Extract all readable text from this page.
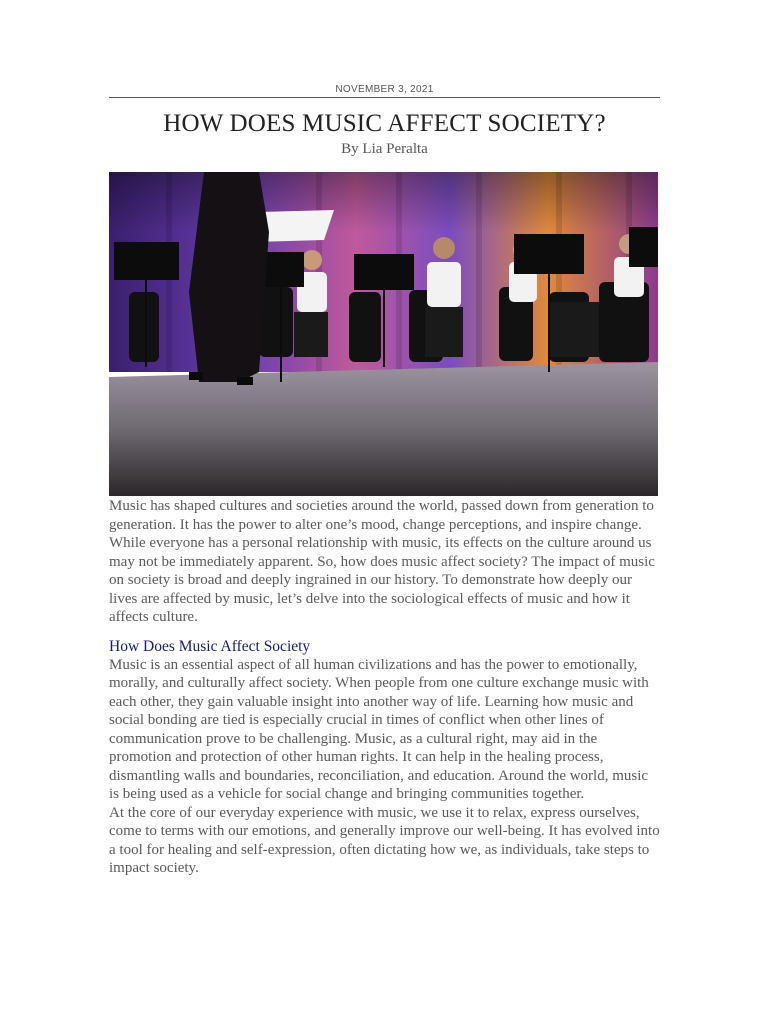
NOVEMBER 3, 2021
HOW DOES MUSIC AFFECT SOCIETY?
By Lia Peralta

Music has shaped cultures and societies around the world, passed down from generation to generation. It has the power to alter one’s mood, change perceptions, and inspire change. While everyone has a personal relationship with music, its effects on the culture around us may not be immediately apparent. So, how does music affect society? The impact of music on society is broad and deeply ingrained in our history. To demonstrate how deeply our lives are affected by music, let’s delve into the sociological effects of music and how it affects culture.

How Does Music Affect Society

Music is an essential aspect of all human civilizations and has the power to emotionally, morally, and culturally affect society. When people from one culture exchange music with each other, they gain valuable insight into another way of life. Learning how music and social bonding are tied is especially crucial in times of conflict when other lines of communication prove to be challenging. Music, as a cultural right, may aid in the promotion and protection of other human rights. It can help in the healing process, dismantling walls and boundaries, reconciliation, and education. Around the world, music is being used as a vehicle for social change and bringing communities together.

At the core of our everyday experience with music, we use it to relax, express ourselves, come to terms with our emotions, and generally improve our well-being. It has evolved into a tool for healing and self-expression, often dictating how we, as individuals, take steps to impact society.
